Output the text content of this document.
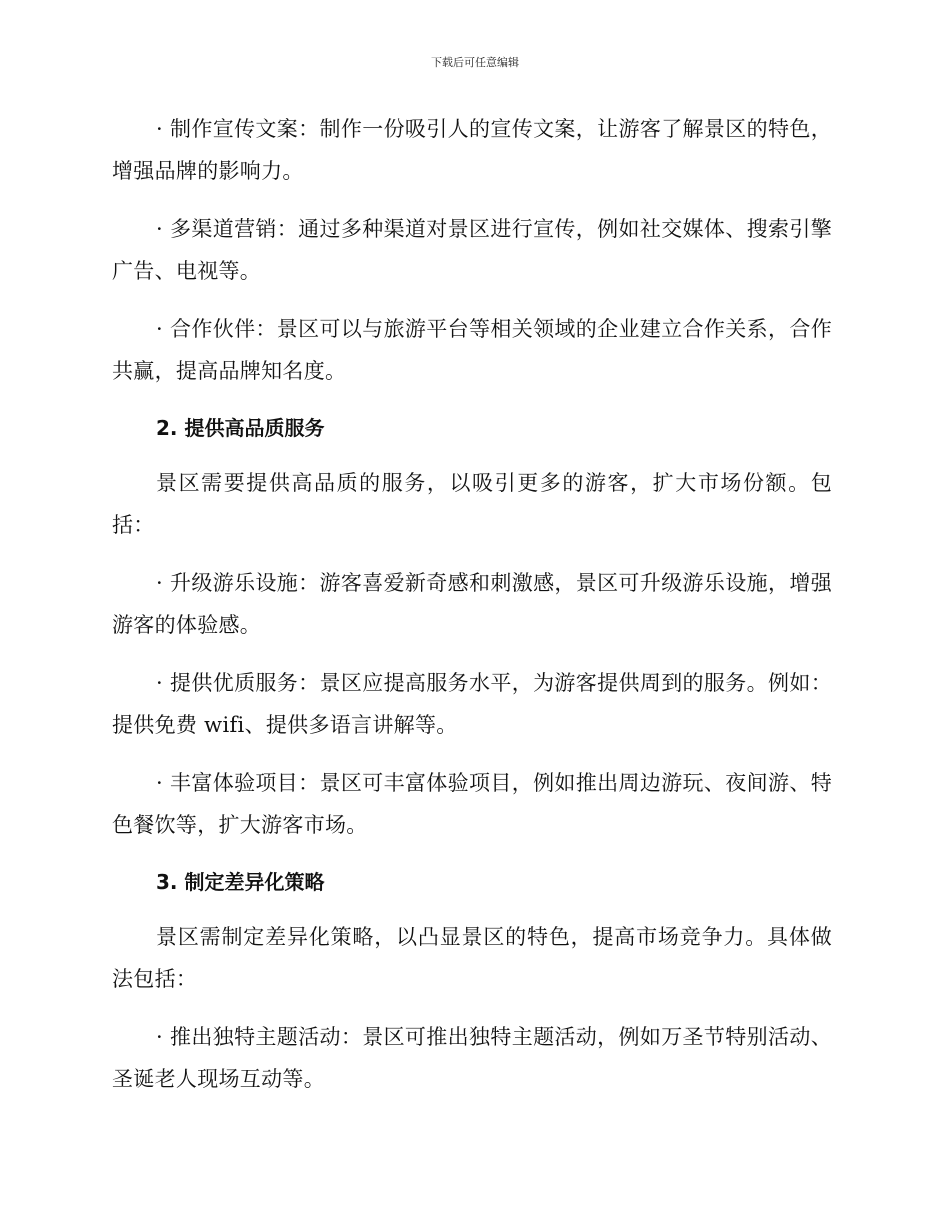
下载后可任意编辑

· 制作宣传文案：制作一份吸引人的宣传文案，让游客了解景区的特色，增强品牌的影响力。

· 多渠道营销：通过多种渠道对景区进行宣传，例如社交媒体、搜索引擎广告、电视等。

· 合作伙伴：景区可以与旅游平台等相关领域的企业建立合作关系，合作共赢，提高品牌知名度。

2. 提供高品质服务

景区需要提供高品质的服务，以吸引更多的游客，扩大市场份额。包括：

· 升级游乐设施：游客喜爱新奇感和刺激感，景区可升级游乐设施，增强游客的体验感。

· 提供优质服务：景区应提高服务水平，为游客提供周到的服务。例如：提供免费 wifi、提供多语言讲解等。

· 丰富体验项目：景区可丰富体验项目，例如推出周边游玩、夜间游、特色餐饮等，扩大游客市场。

3. 制定差异化策略

景区需制定差异化策略，以凸显景区的特色，提高市场竞争力。具体做法包括：

· 推出独特主题活动：景区可推出独特主题活动，例如万圣节特别活动、圣诞老人现场互动等。
